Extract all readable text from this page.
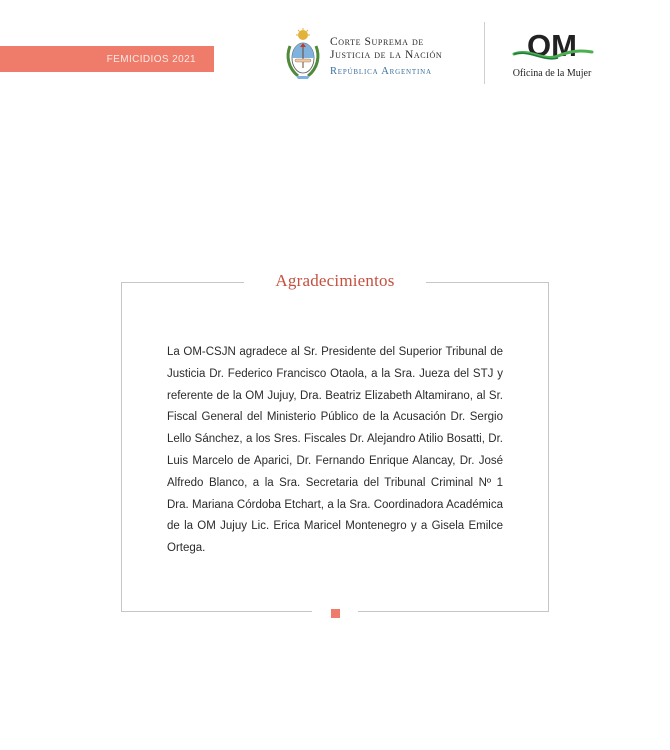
FEMICIDIOS 2021
Corte Suprema de
Justicia de la Nación
República Argentina
OM
Oficina de la Mujer
Agradecimientos
La OM-CSJN agradece al Sr. Presidente del Superior Tribunal de Justicia Dr. Federico Francisco Otaola, a la Sra. Jueza del STJ y referente de la OM Jujuy, Dra. Beatriz Elizabeth Altamirano, al Sr. Fiscal General del Ministerio Público de la Acusación Dr. Sergio Lello Sánchez, a los Sres. Fiscales Dr. Alejandro Atilio Bosatti, Dr. Luis Marcelo de Aparici, Dr. Fernando Enrique Alancay, Dr. José Alfredo Blanco, a la Sra. Secretaria del Tribunal Criminal Nº 1 Dra. Mariana Córdoba Etchart, a la Sra. Coordinadora Académica de la OM Jujuy Lic. Erica Maricel Montenegro y a Gisela Emilce Ortega.
